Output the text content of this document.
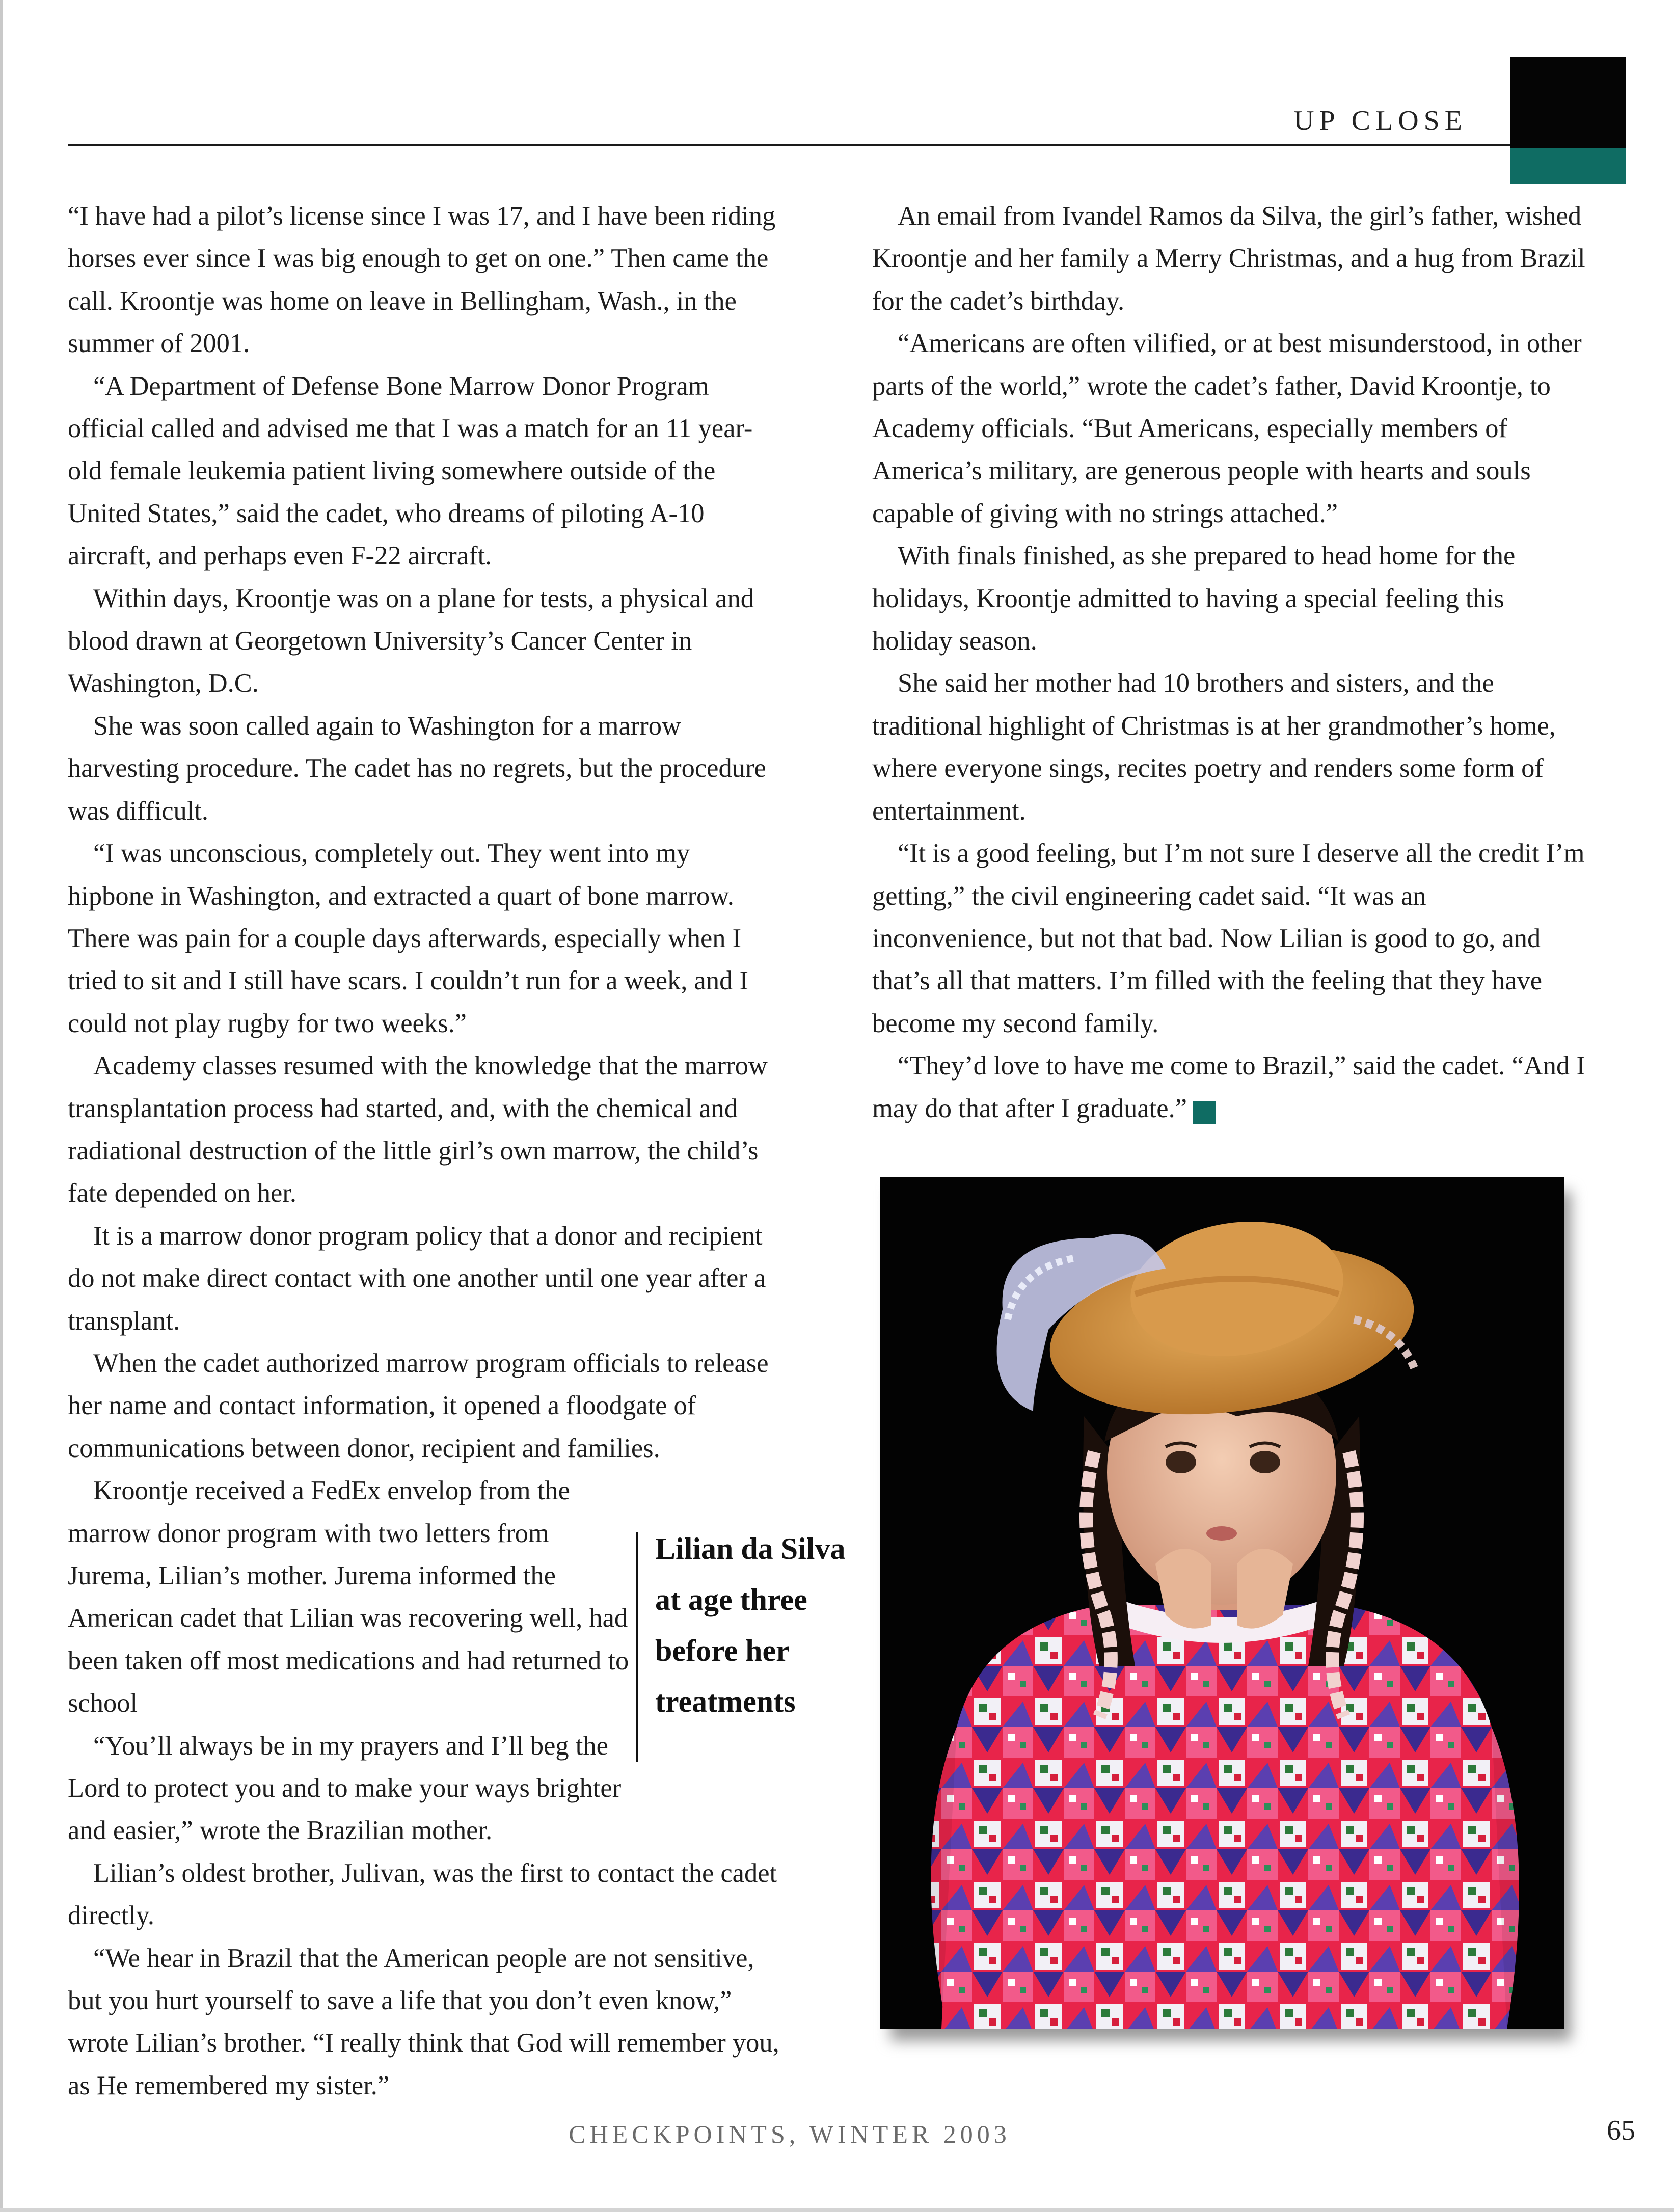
UP CLOSE

“I have had a pilot’s license since I was 17, and I have been riding horses ever since I was big enough to get on one.” Then came the call. Kroontje was home on leave in Bellingham, Wash., in the summer of 2001.

“A Department of Defense Bone Marrow Donor Program official called and advised me that I was a match for an 11 year-old female leukemia patient living somewhere outside of the United States,” said the cadet, who dreams of piloting A-10 aircraft, and perhaps even F-22 aircraft.

Within days, Kroontje was on a plane for tests, a physical and blood drawn at Georgetown University’s Cancer Center in Washington, D.C.

She was soon called again to Washington for a marrow harvesting procedure. The cadet has no regrets, but the procedure was difficult.

“I was unconscious, completely out. They went into my hipbone in Washington, and extracted a quart of bone marrow. There was pain for a couple days afterwards, especially when I tried to sit and I still have scars. I couldn’t run for a week, and I could not play rugby for two weeks.”

Academy classes resumed with the knowledge that the marrow transplantation process had started, and, with the chemical and radiational destruction of the little girl’s own marrow, the child’s fate depended on her.

It is a marrow donor program policy that a donor and recipient do not make direct contact with one another until one year after a transplant.

When the cadet authorized marrow program officials to release her name and contact information, it opened a floodgate of communications between donor, recipient and families.

Kroontje received a FedEx envelop from the marrow donor program with two letters from Jurema, Lilian’s mother. Jurema informed the American cadet that Lilian was recovering well, had been taken off most medications and had returned to school

“You’ll always be in my prayers and I’ll beg the Lord to protect you and to make your ways brighter and easier,” wrote the Brazilian mother.

Lilian’s oldest brother, Julivan, was the first to contact the cadet directly.

“We hear in Brazil that the American people are not sensitive, but you hurt yourself to save a life that you don’t even know,” wrote Lilian’s brother. “I really think that God will remember you, as He remembered my sister.”

Lilian da Silva
at age three
before her
treatments

An email from Ivandel Ramos da Silva, the girl’s father, wished Kroontje and her family a Merry Christmas, and a hug from Brazil for the cadet’s birthday.

“Americans are often vilified, or at best misunderstood, in other parts of the world,” wrote the cadet’s father, David Kroontje, to Academy officials. “But Americans, especially members of America’s military, are generous people with hearts and souls capable of giving with no strings attached.”

With finals finished, as she prepared to head home for the holidays, Kroontje admitted to having a special feeling this holiday season.

She said her mother had 10 brothers and sisters, and the traditional highlight of Christmas is at her grandmother’s home, where everyone sings, recites poetry and renders some form of entertainment.

“It is a good feeling, but I’m not sure I deserve all the credit I’m getting,” the civil engineering cadet said. “It was an inconvenience, but not that bad. Now Lilian is good to go, and that’s all that matters. I’m filled with the feeling that they have become my second family.

“They’d love to have me come to Brazil,” said the cadet. “And I may do that after I graduate.” ✓

CHECKPOINTS, WINTER 2003	65
